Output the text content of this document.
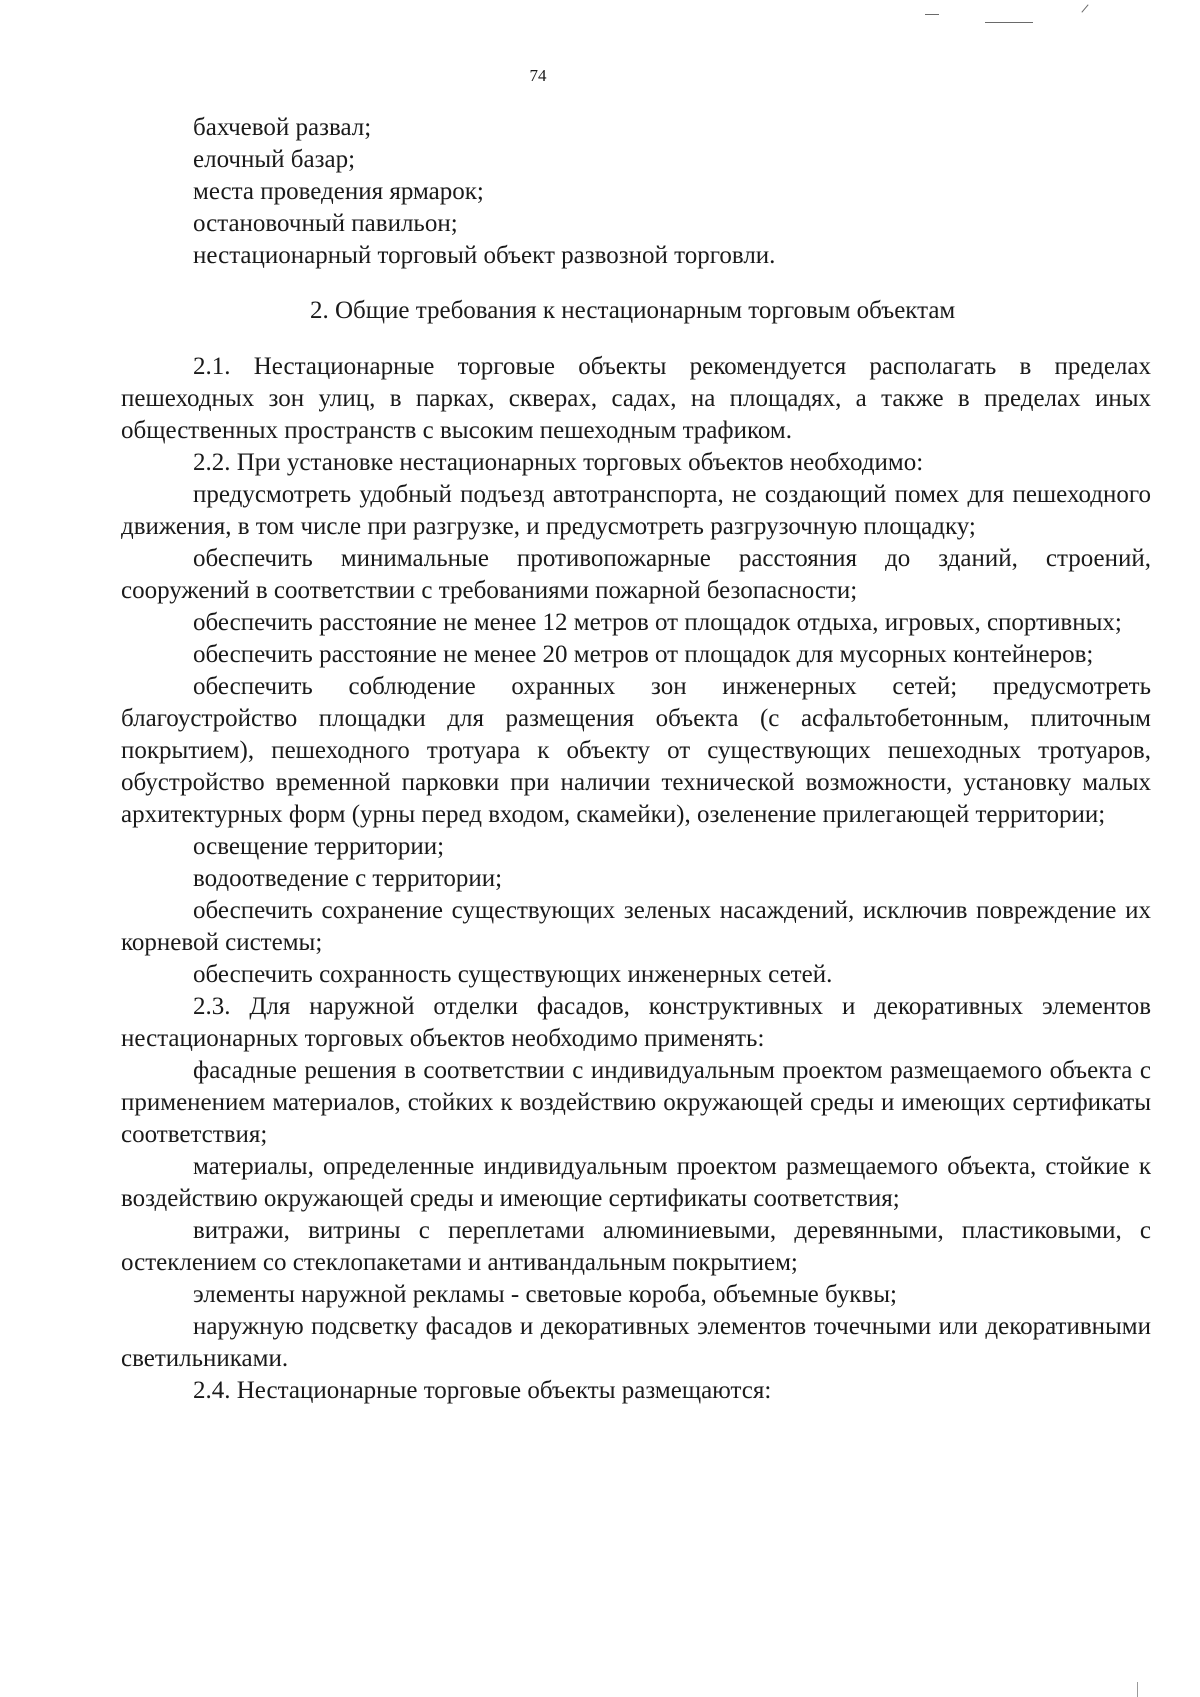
74

бахчевой развал;

елочный базар;

места проведения ярмарок;

остановочный павильон;

нестационарный торговый объект развозной торговли.

2. Общие требования к нестационарным торговым объектам

2.1. Нестационарные торговые объекты рекомендуется располагать в пределах пешеходных зон улиц, в парках, скверах, садах, на площадях, а также в пределах иных общественных пространств с высоким пешеходным трафиком.

2.2. При установке нестационарных торговых объектов необходимо:

предусмотреть удобный подъезд автотранспорта, не создающий помех для пешеходного движения, в том числе при разгрузке, и предусмотреть разгрузочную площадку;

обеспечить минимальные противопожарные расстояния до зданий, строений, сооружений в соответствии с требованиями пожарной безопасности;

обеспечить расстояние не менее 12 метров от площадок отдыха, игровых, спортивных;

обеспечить расстояние не менее 20 метров от площадок для мусорных контейнеров;

обеспечить соблюдение охранных зон инженерных сетей; предусмотреть благоустройство площадки для размещения объекта (с асфальтобетонным, плиточным покрытием), пешеходного тротуара к объекту от существующих пешеходных тротуаров, обустройство временной парковки при наличии технической возможности, установку малых архитектурных форм (урны перед входом, скамейки), озеленение прилегающей территории;

освещение территории;

водоотведение с территории;

обеспечить сохранение существующих зеленых насаждений, исключив повреждение их корневой системы;

обеспечить сохранность существующих инженерных сетей.

2.3. Для наружной отделки фасадов, конструктивных и декоративных элементов нестационарных торговых объектов необходимо применять:

фасадные решения в соответствии с индивидуальным проектом размещаемого объекта с применением материалов, стойких к воздействию окружающей среды и имеющих сертификаты соответствия;

материалы, определенные индивидуальным проектом размещаемого объекта, стойкие к воздействию окружающей среды и имеющие сертификаты соответствия;

витражи, витрины с переплетами алюминиевыми, деревянными, пластиковыми, с остеклением со стеклопакетами и антивандальным покрытием;

элементы наружной рекламы - световые короба, объемные буквы;

наружную подсветку фасадов и декоративных элементов точечными или декоративными светильниками.

2.4. Нестационарные торговые объекты размещаются:
